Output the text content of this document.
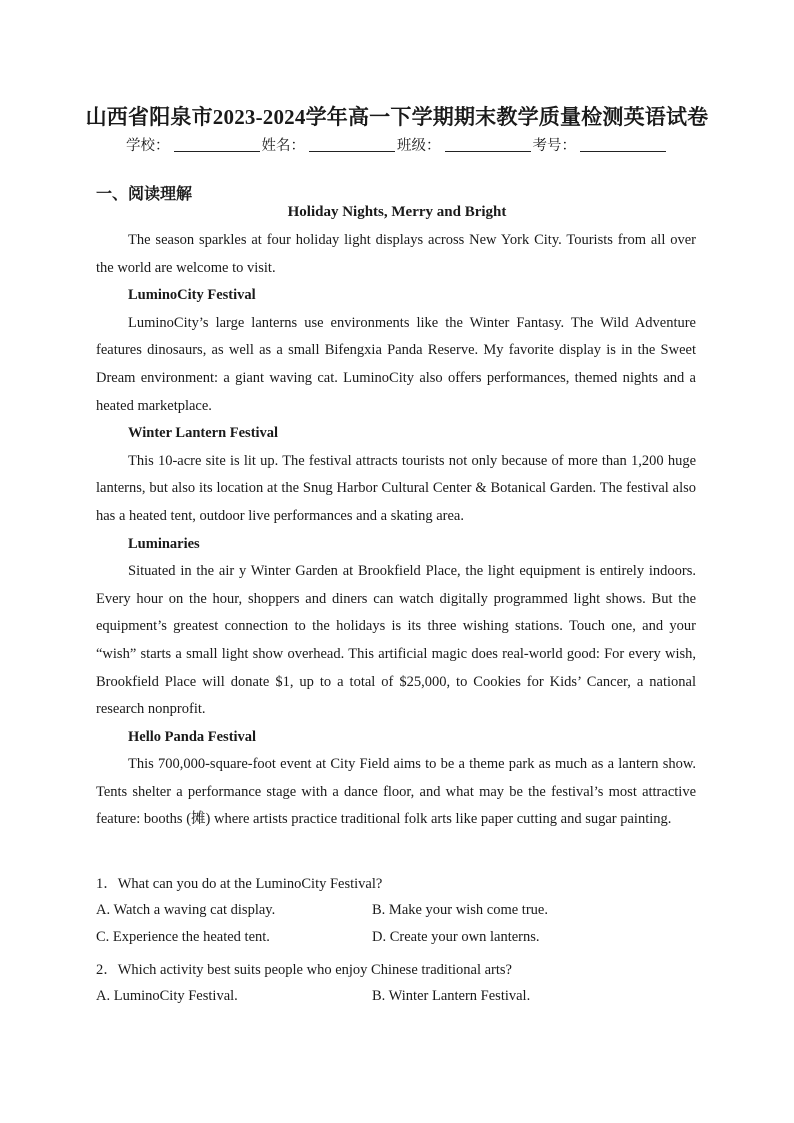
山西省阳泉市2023-2024学年高一下学期期末教学质量检测英语试卷
学校：	姓名：	班级：	考号：
一、阅读理解
Holiday Nights, Merry and Bright

The season sparkles at four holiday light displays across New York City. Tourists from all over the world are welcome to visit.

LuminoCity Festival

LuminoCity’s large lanterns use environments like the Winter Fantasy. The Wild Adventure features dinosaurs, as well as a small Bifengxia Panda Reserve. My favorite display is in the Sweet Dream environment: a giant waving cat. LuminoCity also offers performances, themed nights and a heated marketplace.

Winter Lantern Festival

This 10-acre site is lit up. The festival attracts tourists not only because of more than 1,200 huge lanterns, but also its location at the Snug Harbor Cultural Center & Botanical Garden. The festival also has a heated tent, outdoor live performances and a skating area.

Luminaries

Situated in the air y Winter Garden at Brookfield Place, the light equipment is entirely indoors. Every hour on the hour, shoppers and diners can watch digitally programmed light shows. But the equipment’s greatest connection to the holidays is its three wishing stations. Touch one, and your “wish” starts a small light show overhead. This artificial magic does real-world good: For every wish, Brookfield Place will donate $1, up to a total of $25,000, to Cookies for Kids’ Cancer, a national research nonprofit.

Hello Panda Festival

This 700,000-square-foot event at City Field aims to be a theme park as much as a lantern show. Tents shelter a performance stage with a dance floor, and what may be the festival’s most attractive feature: booths (摊) where artists practice traditional folk arts like paper cutting and sugar painting.

1．What can you do at the LuminoCity Festival?
A. Watch a waving cat display.	B. Make your wish come true.
C. Experience the heated tent.	D. Create your own lanterns.
2．Which activity best suits people who enjoy Chinese traditional arts?
A. LuminoCity Festival.	B. Winter Lantern Festival.
